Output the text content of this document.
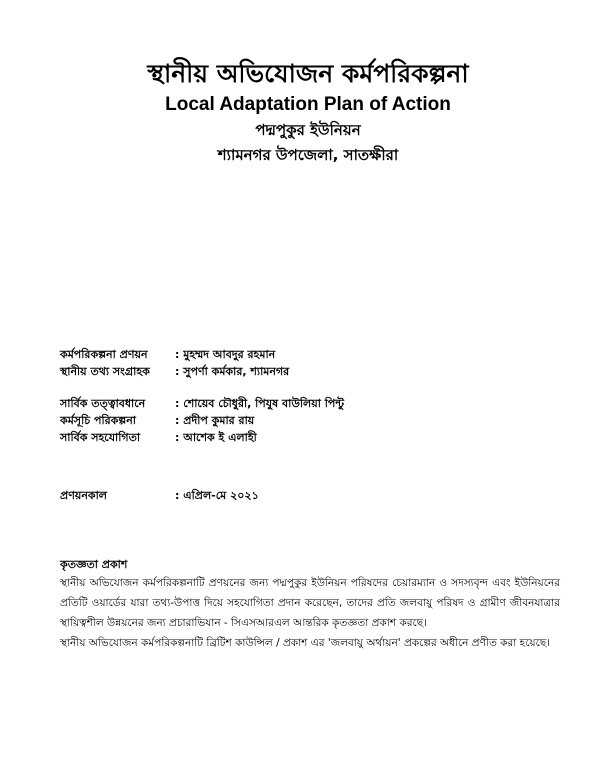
স্থানীয় অভিযোজন কর্মপরিকল্পনা
Local Adaptation Plan of Action
পদ্মপুকুর ইউনিয়ন
শ্যামনগর উপজেলা, সাতক্ষীরা
কর্মপরিকল্পনা প্রণয়ন	: মুহম্মদ আবদুর রহমান
স্থানীয় তথ্য সংগ্রাহক	: সুপর্ণা কর্মকার, শ্যামনগর
সার্বিক তত্ত্বাবধানে	: শোয়েব চৌধুরী, পিযুষ বাউলিয়া পিন্টু
কর্মসূচি পরিকল্পনা	: প্রদীপ কুমার রায়
সার্বিক সহযোগিতা	: আশেক ই এলাহী
প্রণয়নকাল	: এপ্রিল-মে ২০২১
কৃতজ্ঞতা প্রকাশ

স্থানীয় অভিযোজন কর্মপরিকল্পনাটি প্রণয়নের জন্য পদ্মপুকুর ইউনিয়ন পরিষদের চেয়ারম্যান ও সদস্যবৃন্দ এবং ইউনিয়নের প্রতিটি ওয়ার্ডের যারা তথ্য-উপাত্ত দিয়ে সহযোগিতা প্রদান করেছেন, তাদের প্রতি জলবায়ু পরিষদ ও গ্রামীণ জীবনযাত্রার স্থায়িত্বশীল উন্নয়নের জন্য প্রচারাভিযান - সিএসআরএল আন্তরিক কৃতজ্ঞতা প্রকাশ করছে।

স্থানীয় অভিযোজন কর্মপরিকল্পনাটি ব্রিটিশ কাউন্সিল / প্রকাশ এর 'জলবায়ু অর্থায়ন' প্রকল্পের অধীনে প্রণীত করা হয়েছে।
